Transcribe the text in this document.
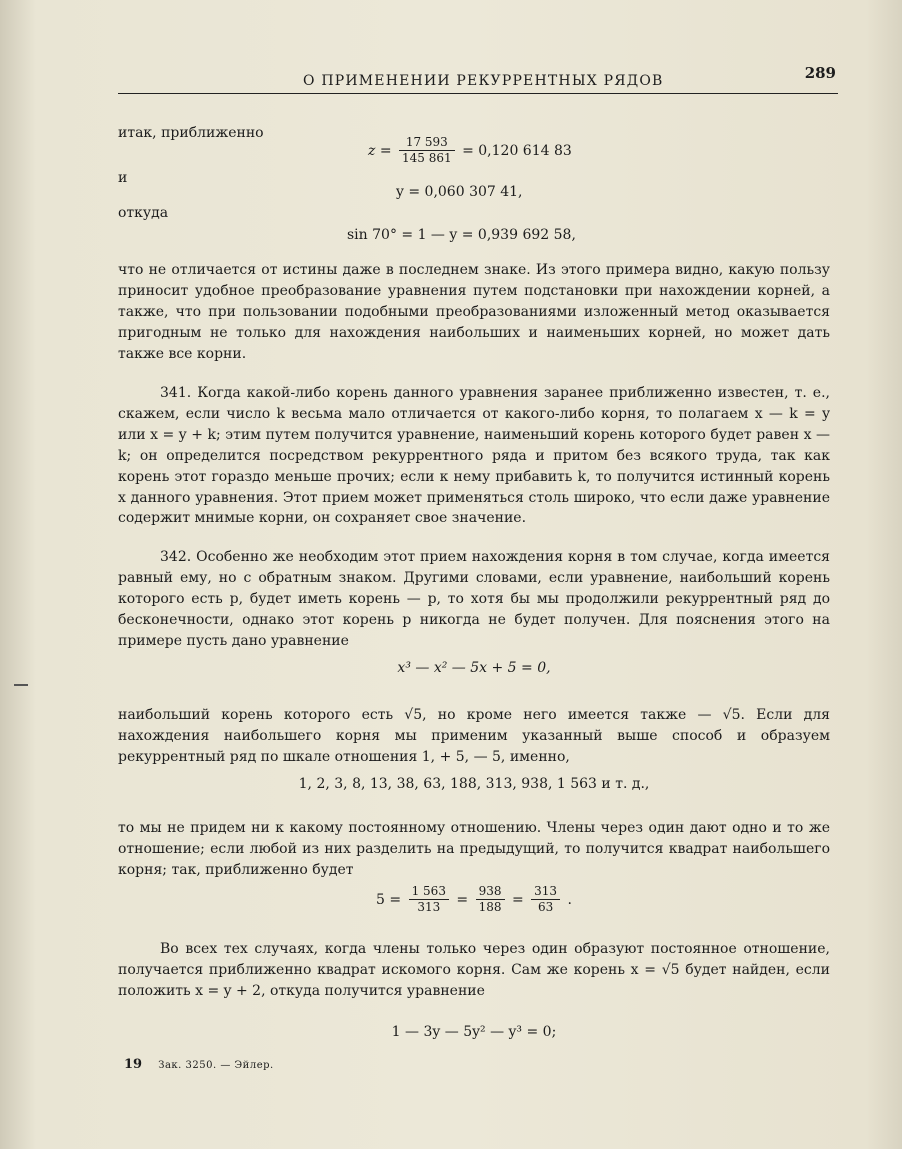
О ПРИМЕНЕНИИ РЕКУРРЕНТНЫХ РЯДОВ	289
итак, приближенно
$z = \frac{17 593}{145 861} = 0,120$ 614 83
и
y = 0,060 307 41,
откуда
sin 70° = 1 — y = 0,939 692 58,
что не отличается от истины даже в последнем знаке. Из этого примера видно, какую пользу приносит удобное преобразование уравнения путем подстановки при нахождении корней, а также, что при пользовании подобными преобразованиями изложенный метод оказывается пригодным не только для нахождения наибольших и наименьших корней, но может дать также все корни.
341. Когда какой-либо корень данного уравнения заранее приближенно известен, т. е., скажем, если число k весьма мало отличается от какого-либо корня, то полагаем x — k = y или x = y + k; этим путем получится уравнение, наименьший корень которого будет равен x — k; он определится посредством рекуррентного ряда и притом без всякого труда, так как корень этот гораздо меньше прочих; если к нему прибавить k, то получится истинный корень x данного уравнения. Этот прием может применяться столь широко, что если даже уравнение содержит мнимые корни, он сохраняет свое значение.
342. Особенно же необходим этот прием нахождения корня в том случае, когда имеется равный ему, но с обратным знаком. Другими словами, если уравнение, наибольший корень которого есть p, будет иметь корень — p, то хотя бы мы продолжили рекуррентный ряд до бесконечности, однако этот корень p никогда не будет получен. Для пояснения этого на примере пусть дано уравнение
x³ — x² — 5x + 5 = 0,
наибольший корень которого есть √5, но кроме него имеется также — √5. Если для нахождения наибольшего корня мы применим указанный выше способ и образуем рекуррентный ряд по шкале отношения 1, + 5, — 5, именно,
1, 2, 3, 8, 13, 38, 63, 188, 313, 938, 1 563 и т. д.,
то мы не придем ни к какому постоянному отношению. Члены через один дают одно и то же отношение; если любой из них разделить на предыдущий, то получится квадрат наибольшего корня; так, приближенно будет
$5 = \frac{1 563}{313} = \frac{938}{188} = \frac{313}{63}$ .
Во всех тех случаях, когда члены только через один образуют постоянное отношение, получается приближенно квадрат искомого корня. Сам же корень x = √5 будет найден, если положить x = y + 2, откуда получится уравнение
1 — 3y — 5y² — y³ = 0;
19 Зак. 3250. — Эйлер.
